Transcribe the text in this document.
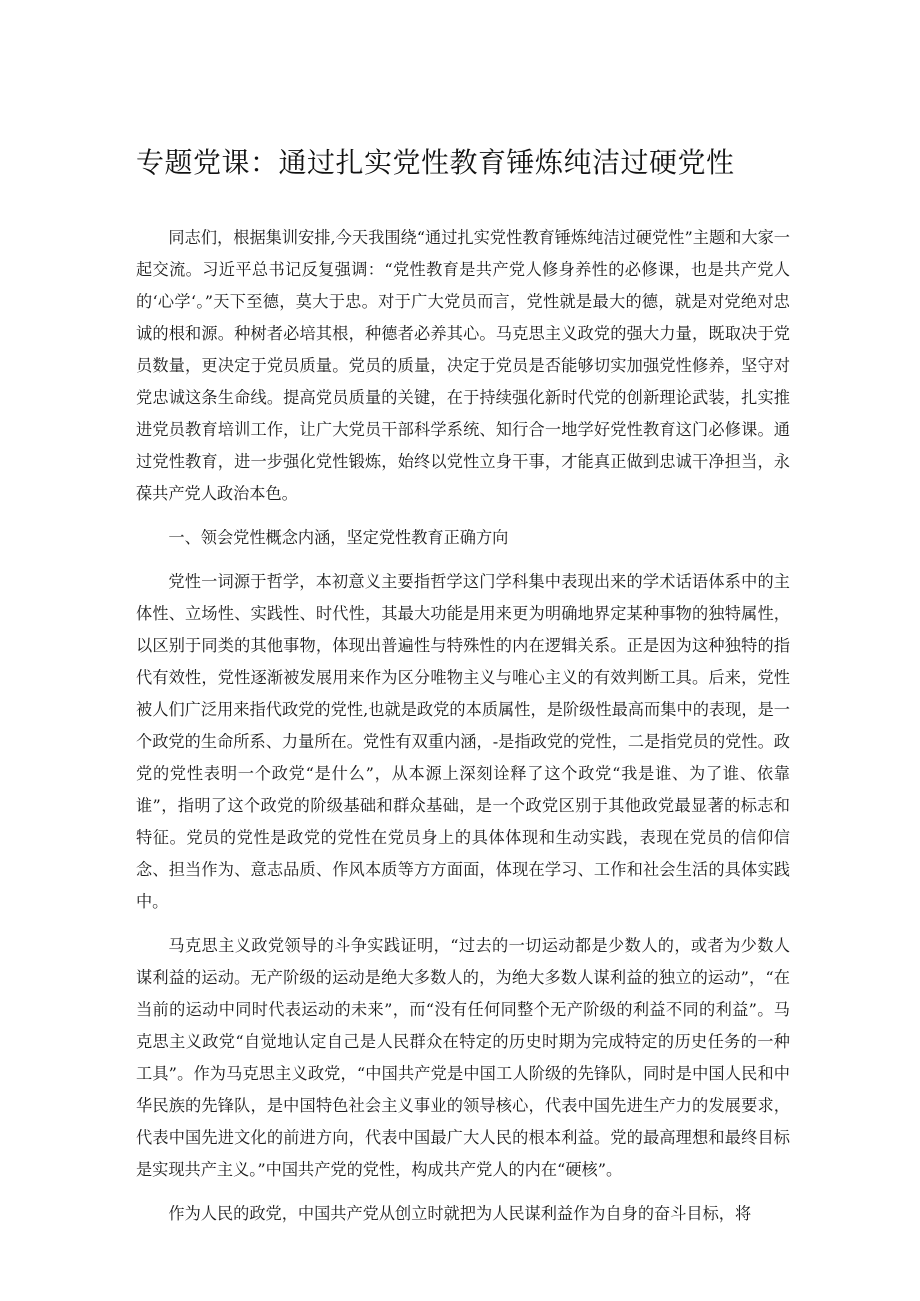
专题党课：通过扎实党性教育锤炼纯洁过硬党性

同志们，根据集训安排,今天我围绕“通过扎实党性教育锤炼纯洁过硬党性”主题和大家一起交流。习近平总书记反复强调：“党性教育是共产党人修身养性的必修课，也是共产党人的‘心学‘。”天下至德，莫大于忠。对于广大党员而言，党性就是最大的德，就是对党绝对忠诚的根和源。种树者必培其根，种德者必养其心。马克思主义政党的强大力量，既取决于党员数量，更决定于党员质量。党员的质量，决定于党员是否能够切实加强党性修养，坚守对党忠诚这条生命线。提高党员质量的关键，在于持续强化新时代党的创新理论武装，扎实推进党员教育培训工作，让广大党员干部科学系统、知行合一地学好党性教育这门必修课。通过党性教育，进一步强化党性锻炼，始终以党性立身干事，才能真正做到忠诚干净担当，永葆共产党人政治本色。

一、领会党性概念内涵，坚定党性教育正确方向

党性一词源于哲学，本初意义主要指哲学这门学科集中表现出来的学术话语体系中的主体性、立场性、实践性、时代性，其最大功能是用来更为明确地界定某种事物的独特属性，以区别于同类的其他事物，体现出普遍性与特殊性的内在逻辑关系。正是因为这种独特的指代有效性，党性逐渐被发展用来作为区分唯物主义与唯心主义的有效判断工具。后来，党性被人们广泛用来指代政党的党性,也就是政党的本质属性，是阶级性最高而集中的表现，是一个政党的生命所系、力量所在。党性有双重内涵，-是指政党的党性，二是指党员的党性。政党的党性表明一个政党“是什么”，从本源上深刻诠释了这个政党“我是谁、为了谁、依靠谁”，指明了这个政党的阶级基础和群众基础，是一个政党区别于其他政党最显著的标志和特征。党员的党性是政党的党性在党员身上的具体体现和生动实践，表现在党员的信仰信念、担当作为、意志品质、作风本质等方方面面，体现在学习、工作和社会生活的具体实践中。

马克思主义政党领导的斗争实践证明，“过去的一切运动都是少数人的，或者为少数人谋利益的运动。无产阶级的运动是绝大多数人的，为绝大多数人谋利益的独立的运动”，“在当前的运动中同时代表运动的未来”，而“没有任何同整个无产阶级的利益不同的利益”。马克思主义政党“自觉地认定自己是人民群众在特定的历史时期为完成特定的历史任务的一种工具”。作为马克思主义政党，“中国共产党是中国工人阶级的先锋队，同时是中国人民和中华民族的先锋队，是中国特色社会主义事业的领导核心，代表中国先进生产力的发展要求，代表中国先进文化的前进方向，代表中国最广大人民的根本利益。党的最高理想和最终目标是实现共产主义。”中国共产党的党性，构成共产党人的内在“硬核”。

作为人民的政党，中国共产党从创立时就把为人民谋利益作为自身的奋斗目标，将
